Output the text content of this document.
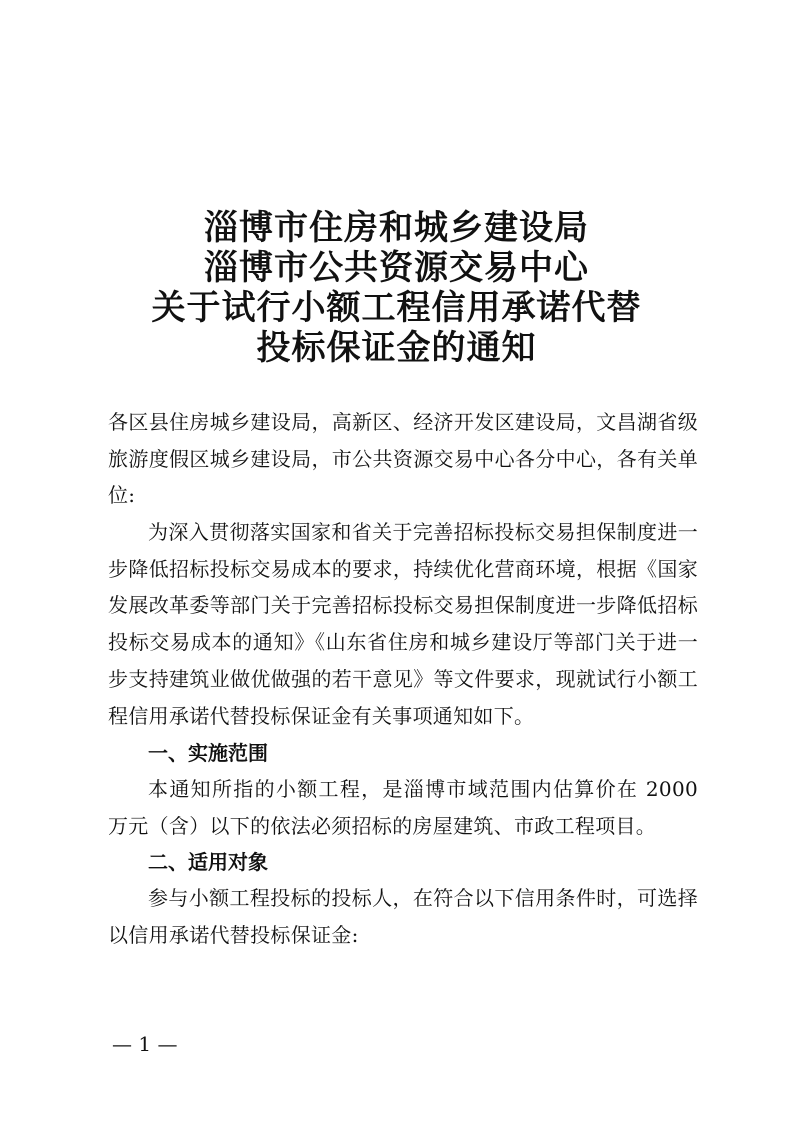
淄博市住房和城乡建设局
淄博市公共资源交易中心
关于试行小额工程信用承诺代替
投标保证金的通知

各区县住房城乡建设局，高新区、经济开发区建设局，文昌湖省级旅游度假区城乡建设局，市公共资源交易中心各分中心，各有关单位:

为深入贯彻落实国家和省关于完善招标投标交易担保制度进一步降低招标投标交易成本的要求，持续优化营商环境，根据《国家发展改革委等部门关于完善招标投标交易担保制度进一步降低招标投标交易成本的通知》《山东省住房和城乡建设厅等部门关于进一步支持建筑业做优做强的若干意见》等文件要求，现就试行小额工程信用承诺代替投标保证金有关事项通知如下。

一、实施范围

本通知所指的小额工程，是淄博市域范围内估算价在 2000 万元（含）以下的依法必须招标的房屋建筑、市政工程项目。

二、适用对象

参与小额工程投标的投标人，在符合以下信用条件时，可选择以信用承诺代替投标保证金:

— 1 —
